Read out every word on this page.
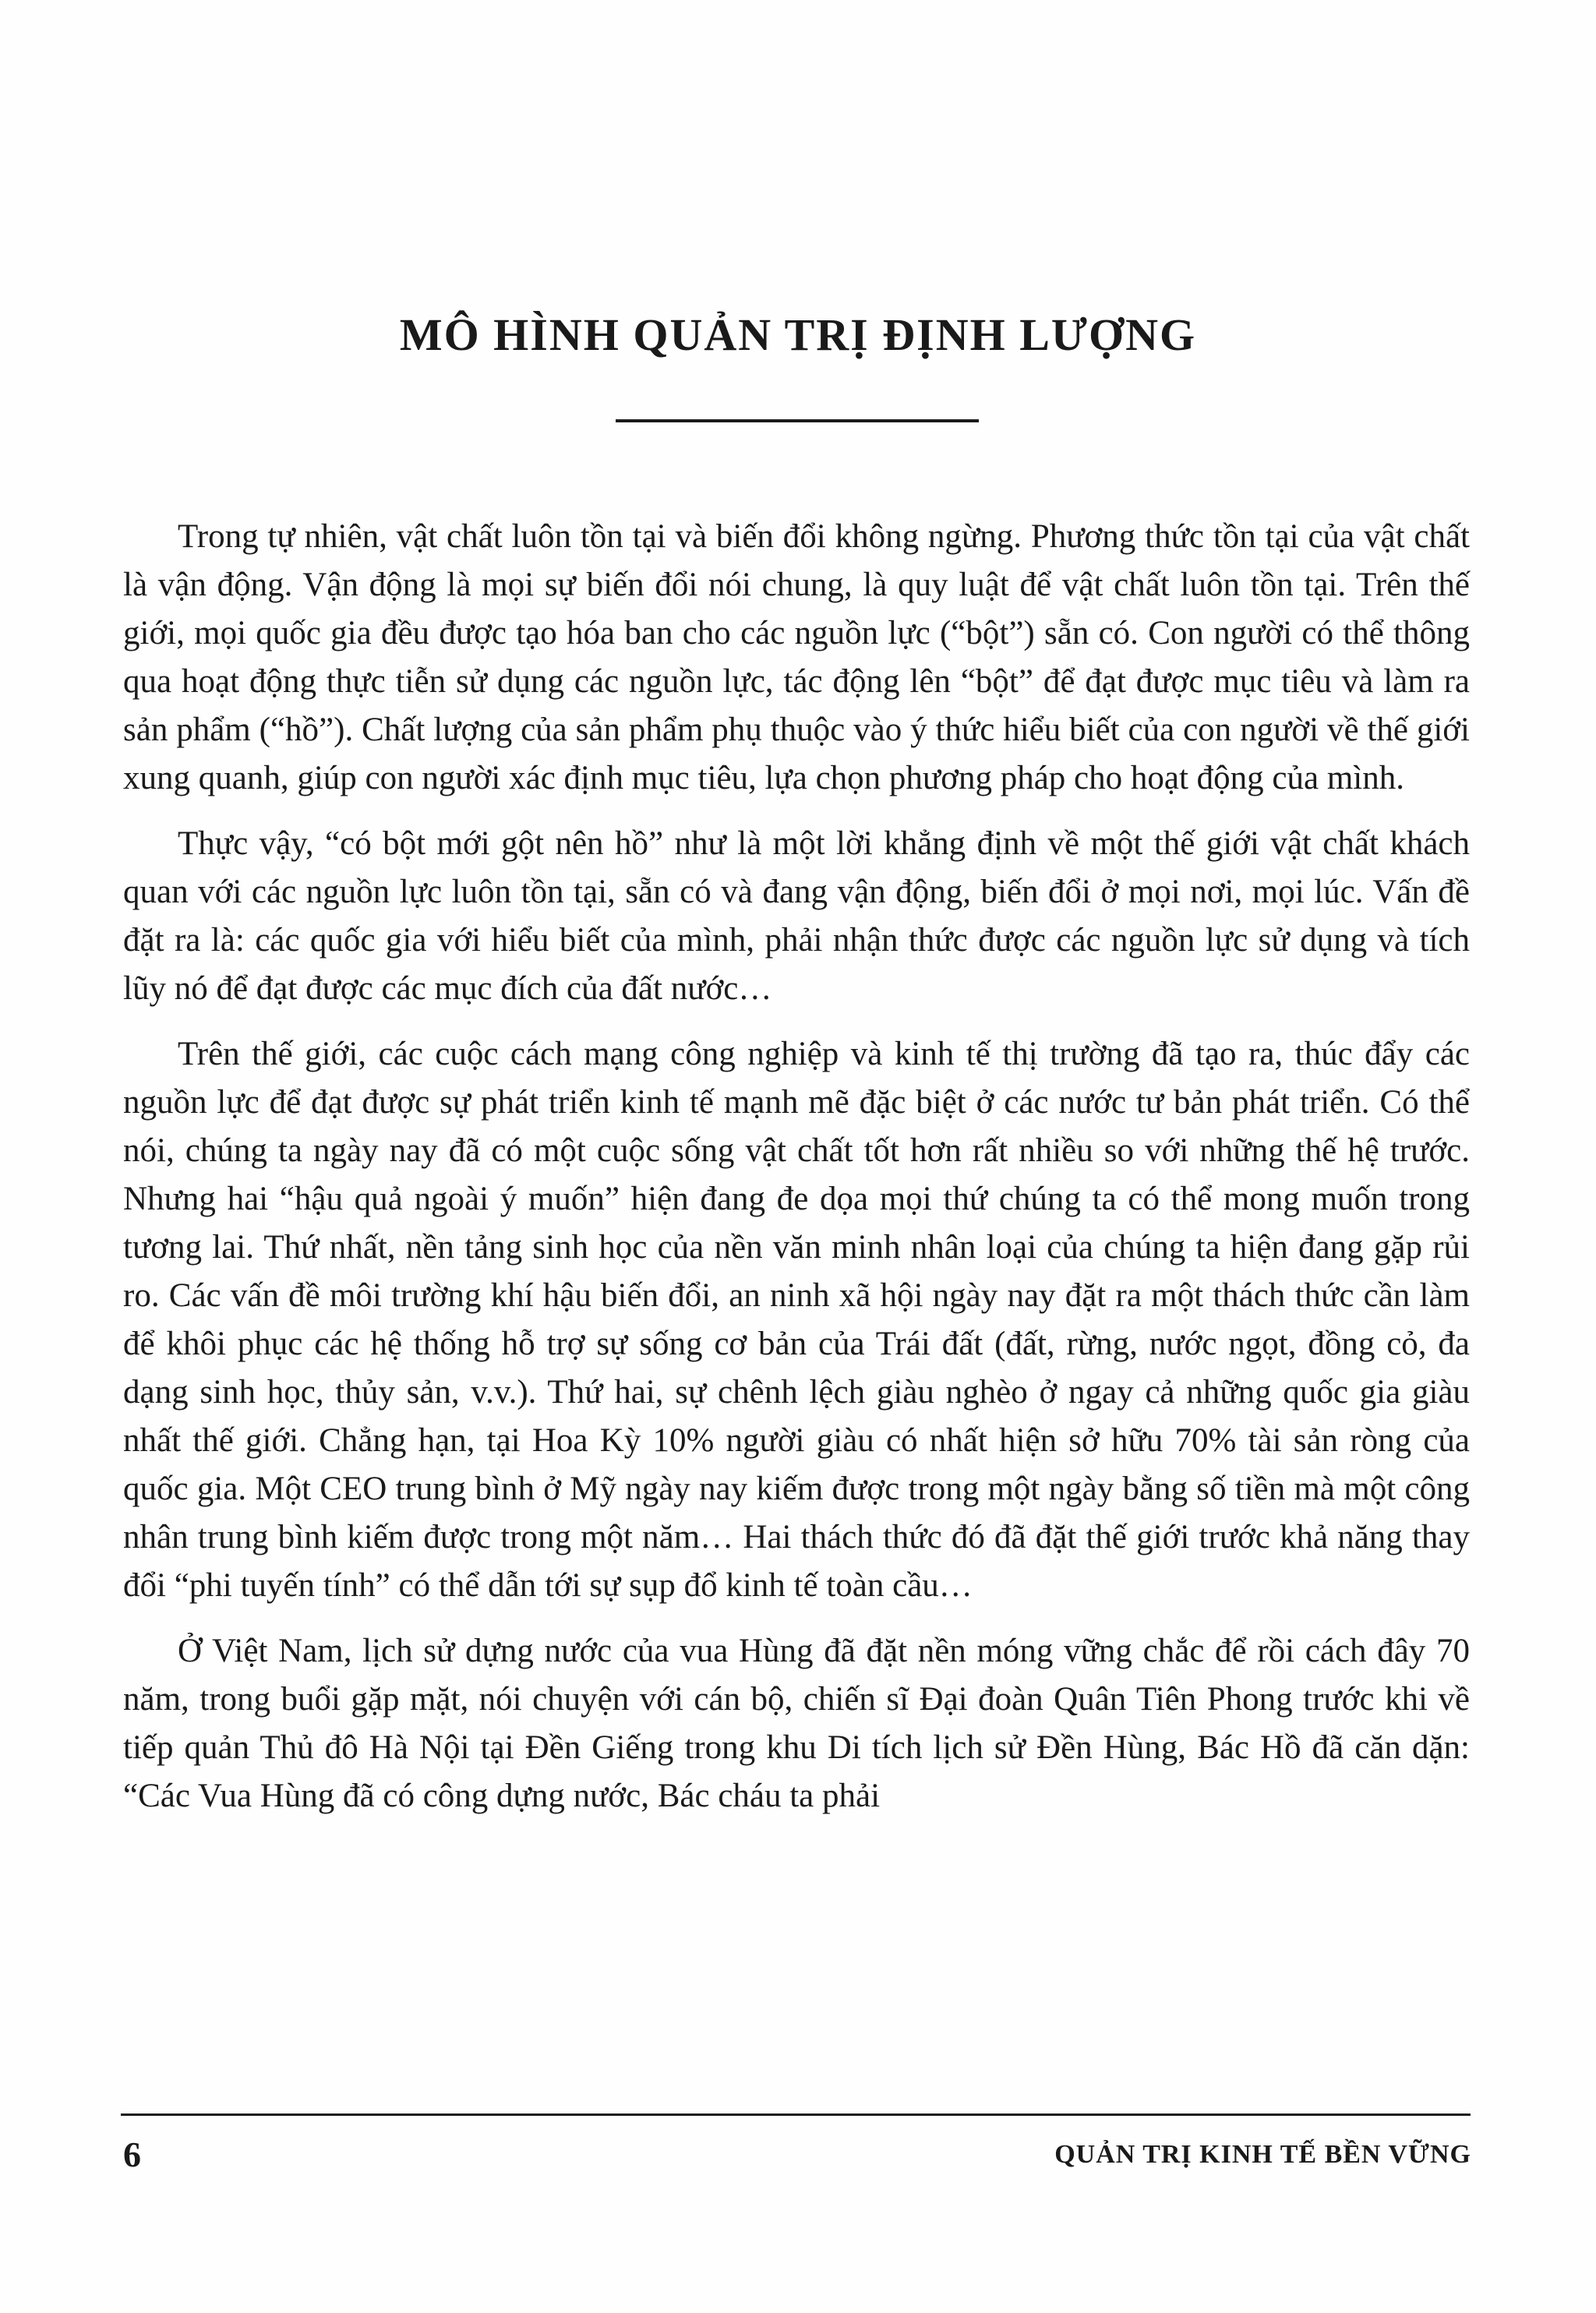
MÔ HÌNH QUẢN TRỊ ĐỊNH LƯỢNG

Trong tự nhiên, vật chất luôn tồn tại và biến đổi không ngừng. Phương thức tồn tại của vật chất là vận động. Vận động là mọi sự biến đổi nói chung, là quy luật để vật chất luôn tồn tại. Trên thế giới, mọi quốc gia đều được tạo hóa ban cho các nguồn lực (“bột”) sẵn có. Con người có thể thông qua hoạt động thực tiễn sử dụng các nguồn lực, tác động lên “bột” để đạt được mục tiêu và làm ra sản phẩm (“hồ”). Chất lượng của sản phẩm phụ thuộc vào ý thức hiểu biết của con người về thế giới xung quanh, giúp con người xác định mục tiêu, lựa chọn phương pháp cho hoạt động của mình.

Thực vậy, “có bột mới gột nên hồ” như là một lời khẳng định về một thế giới vật chất khách quan với các nguồn lực luôn tồn tại, sẵn có và đang vận động, biến đổi ở mọi nơi, mọi lúc. Vấn đề đặt ra là: các quốc gia với hiểu biết của mình, phải nhận thức được các nguồn lực sử dụng và tích lũy nó để đạt được các mục đích của đất nước…

Trên thế giới, các cuộc cách mạng công nghiệp và kinh tế thị trường đã tạo ra, thúc đẩy các nguồn lực để đạt được sự phát triển kinh tế mạnh mẽ đặc biệt ở các nước tư bản phát triển. Có thể nói, chúng ta ngày nay đã có một cuộc sống vật chất tốt hơn rất nhiều so với những thế hệ trước. Nhưng hai “hậu quả ngoài ý muốn” hiện đang đe dọa mọi thứ chúng ta có thể mong muốn trong tương lai. Thứ nhất, nền tảng sinh học của nền văn minh nhân loại của chúng ta hiện đang gặp rủi ro. Các vấn đề môi trường khí hậu biến đổi, an ninh xã hội ngày nay đặt ra một thách thức cần làm để khôi phục các hệ thống hỗ trợ sự sống cơ bản của Trái đất (đất, rừng, nước ngọt, đồng cỏ, đa dạng sinh học, thủy sản, v.v.). Thứ hai, sự chênh lệch giàu nghèo ở ngay cả những quốc gia giàu nhất thế giới. Chẳng hạn, tại Hoa Kỳ 10% người giàu có nhất hiện sở hữu 70% tài sản ròng của quốc gia. Một CEO trung bình ở Mỹ ngày nay kiếm được trong một ngày bằng số tiền mà một công nhân trung bình kiếm được trong một năm… Hai thách thức đó đã đặt thế giới trước khả năng thay đổi “phi tuyến tính” có thể dẫn tới sự sụp đổ kinh tế toàn cầu…

Ở Việt Nam, lịch sử dựng nước của vua Hùng đã đặt nền móng vững chắc để rồi cách đây 70 năm, trong buổi gặp mặt, nói chuyện với cán bộ, chiến sĩ Đại đoàn Quân Tiên Phong trước khi về tiếp quản Thủ đô Hà Nội tại Đền Giếng trong khu Di tích lịch sử Đền Hùng, Bác Hồ đã căn dặn: “Các Vua Hùng đã có công dựng nước, Bác cháu ta phải

6	QUẢN TRỊ KINH TẾ BỀN VỮNG
